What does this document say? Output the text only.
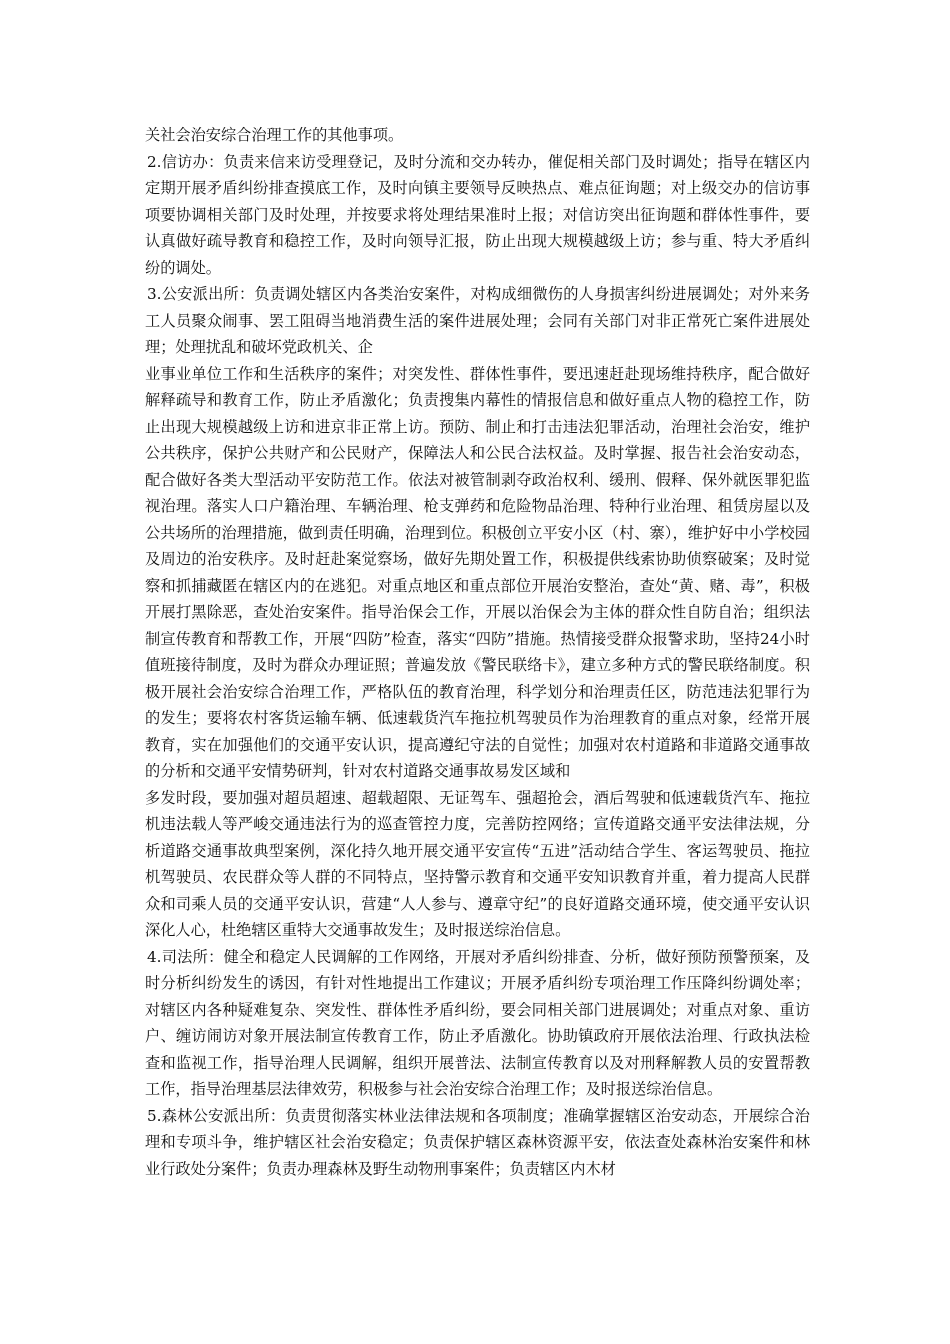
关社会治安综合治理工作的其他事项。

2.信访办：负责来信来访受理登记，及时分流和交办转办，催促相关部门及时调处；指导在辖区内定期开展矛盾纠纷排查摸底工作，及时向镇主要领导反映热点、难点征询题；对上级交办的信访事项要协调相关部门及时处理，并按要求将处理结果准时上报；对信访突出征询题和群体性事件，要认真做好疏导教育和稳控工作，及时向领导汇报，防止出现大规模越级上访；参与重、特大矛盾纠纷的调处。

3.公安派出所：负责调处辖区内各类治安案件，对构成细微伤的人身损害纠纷进展调处；对外来务工人员聚众闹事、罢工阻碍当地消费生活的案件进展处理；会同有关部门对非正常死亡案件进展处理；处理扰乱和破坏党政机关、企

业事业单位工作和生活秩序的案件；对突发性、群体性事件，要迅速赶赴现场维持秩序，配合做好解释疏导和教育工作，防止矛盾激化；负责搜集内幕性的情报信息和做好重点人物的稳控工作，防止出现大规模越级上访和进京非正常上访。预防、制止和打击违法犯罪活动，治理社会治安，维护公共秩序，保护公共财产和公民财产，保障法人和公民合法权益。及时掌握、报告社会治安动态，配合做好各类大型活动平安防范工作。依法对被管制剥夺政治权利、缓刑、假释、保外就医罪犯监视治理。落实人口户籍治理、车辆治理、枪支弹药和危险物品治理、特种行业治理、租赁房屋以及公共场所的治理措施，做到责任明确，治理到位。积极创立平安小区（村、寨），维护好中小学校园及周边的治安秩序。及时赶赴案觉察场，做好先期处置工作，积极提供线索协助侦察破案；及时觉察和抓捕藏匿在辖区内的在逃犯。对重点地区和重点部位开展治安整治，查处“黄、赌、毒”，积极开展打黑除恶，查处治安案件。指导治保会工作，开展以治保会为主体的群众性自防自治；组织法制宣传教育和帮教工作，开展“四防”检查，落实“四防”措施。热情接受群众报警求助，坚持24小时值班接待制度，及时为群众办理证照；普遍发放《警民联络卡》，建立多种方式的警民联络制度。积极开展社会治安综合治理工作，严格队伍的教育治理，科学划分和治理责任区，防范违法犯罪行为的发生；要将农村客货运输车辆、低速载货汽车拖拉机驾驶员作为治理教育的重点对象，经常开展教育，实在加强他们的交通平安认识，提高遵纪守法的自觉性；加强对农村道路和非道路交通事故的分析和交通平安情势研判，针对农村道路交通事故易发区域和

多发时段，要加强对超员超速、超载超限、无证驾车、强超抢会，酒后驾驶和低速载货汽车、拖拉机违法载人等严峻交通违法行为的巡查管控力度，完善防控网络；宣传道路交通平安法律法规，分析道路交通事故典型案例，深化持久地开展交通平安宣传“五进”活动结合学生、客运驾驶员、拖拉机驾驶员、农民群众等人群的不同特点，坚持警示教育和交通平安知识教育并重，着力提高人民群众和司乘人员的交通平安认识，营建“人人参与、遵章守纪”的良好道路交通环境，使交通平安认识深化人心，杜绝辖区重特大交通事故发生；及时报送综治信息。

4.司法所：健全和稳定人民调解的工作网络，开展对矛盾纠纷排查、分析，做好预防预警预案，及时分析纠纷发生的诱因，有针对性地提出工作建议；开展矛盾纠纷专项治理工作压降纠纷调处率；对辖区内各种疑难复杂、突发性、群体性矛盾纠纷，要会同相关部门进展调处；对重点对象、重访户、缠访闹访对象开展法制宣传教育工作，防止矛盾激化。协助镇政府开展依法治理、行政执法检查和监视工作，指导治理人民调解，组织开展普法、法制宣传教育以及对刑释解教人员的安置帮教工作，指导治理基层法律效劳，积极参与社会治安综合治理工作；及时报送综治信息。

5.森林公安派出所：负责贯彻落实林业法律法规和各项制度；准确掌握辖区治安动态，开展综合治理和专项斗争，维护辖区社会治安稳定；负责保护辖区森林资源平安，依法查处森林治安案件和林业行政处分案件；负责办理森林及野生动物刑事案件；负责辖区内木材
